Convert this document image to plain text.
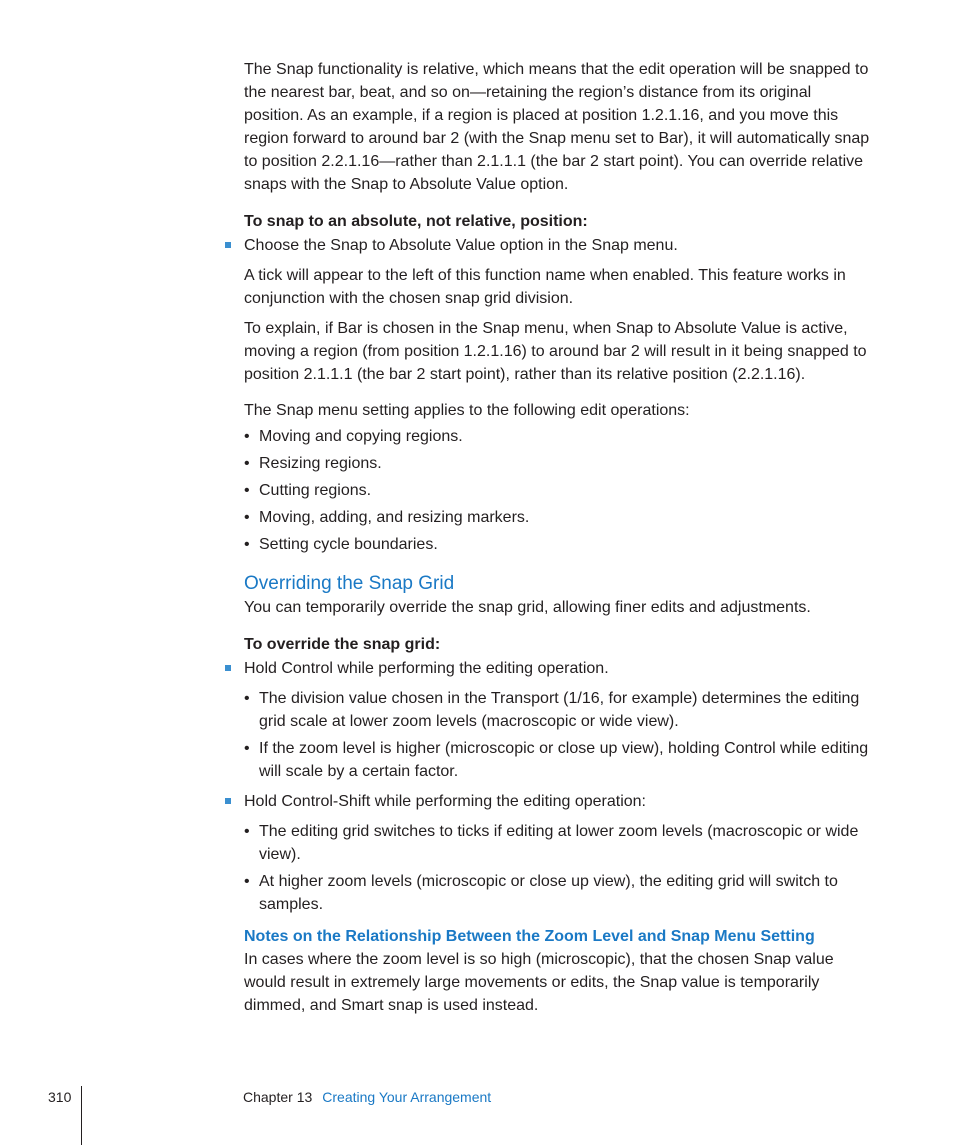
The Snap functionality is relative, which means that the edit operation will be snapped to the nearest bar, beat, and so on—retaining the region’s distance from its original position. As an example, if a region is placed at position 1.2.1.16, and you move this region forward to around bar 2 (with the Snap menu set to Bar), it will automatically snap to position 2.2.1.16—rather than 2.1.1.1 (the bar 2 start point). You can override relative snaps with the Snap to Absolute Value option.

To snap to an absolute, not relative, position:

Choose the Snap to Absolute Value option in the Snap menu.

A tick will appear to the left of this function name when enabled. This feature works in conjunction with the chosen snap grid division.

To explain, if Bar is chosen in the Snap menu, when Snap to Absolute Value is active, moving a region (from position 1.2.1.16) to around bar 2 will result in it being snapped to position 2.1.1.1 (the bar 2 start point), rather than its relative position (2.2.1.16).

The Snap menu setting applies to the following edit operations:

• Moving and copying regions.
• Resizing regions.
• Cutting regions.
• Moving, adding, and resizing markers.
• Setting cycle boundaries.
Overriding the Snap Grid

You can temporarily override the snap grid, allowing finer edits and adjustments.

To override the snap grid:

Hold Control while performing the editing operation.
• The division value chosen in the Transport (1/16, for example) determines the editing grid scale at lower zoom levels (macroscopic or wide view).
• If the zoom level is higher (microscopic or close up view), holding Control while editing will scale by a certain factor.
Hold Control-Shift while performing the editing operation:
• The editing grid switches to ticks if editing at lower zoom levels (macroscopic or wide view).
• At higher zoom levels (microscopic or close up view), the editing grid will switch to samples.
Notes on the Relationship Between the Zoom Level and Snap Menu Setting

In cases where the zoom level is so high (microscopic), that the chosen Snap value would result in extremely large movements or edits, the Snap value is temporarily dimmed, and Smart snap is used instead.

310	Chapter 13 Creating Your Arrangement
